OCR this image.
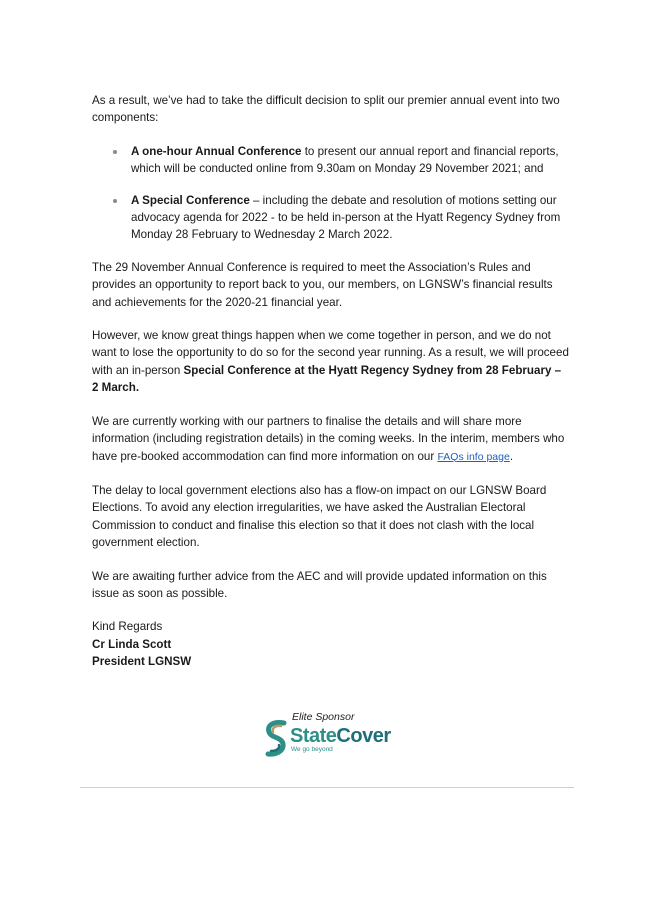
As a result, we’ve had to take the difficult decision to split our premier annual event into two components:

A one-hour Annual Conference to present our annual report and financial reports, which will be conducted online from 9.30am on Monday 29 November 2021; and
A Special Conference – including the debate and resolution of motions setting our advocacy agenda for 2022 - to be held in-person at the Hyatt Regency Sydney from Monday 28 February to Wednesday 2 March 2022.

The 29 November Annual Conference is required to meet the Association’s Rules and provides an opportunity to report back to you, our members, on LGNSW’s financial results and achievements for the 2020-21 financial year.

However, we know great things happen when we come together in person, and we do not want to lose the opportunity to do so for the second year running. As a result, we will proceed with an in-person Special Conference at the Hyatt Regency Sydney from 28 February – 2 March.

We are currently working with our partners to finalise the details and will share more information (including registration details) in the coming weeks. In the interim, members who have pre-booked accommodation can find more information on our FAQs info page.

The delay to local government elections also has a flow-on impact on our LGNSW Board Elections. To avoid any election irregularities, we have asked the Australian Electoral Commission to conduct and finalise this election so that it does not clash with the local government election.

We are awaiting further advice from the AEC and will provide updated information on this issue as soon as possible.

Kind Regards

Cr Linda Scott

President LGNSW

Elite Sponsor
StateCover
We go beyond
